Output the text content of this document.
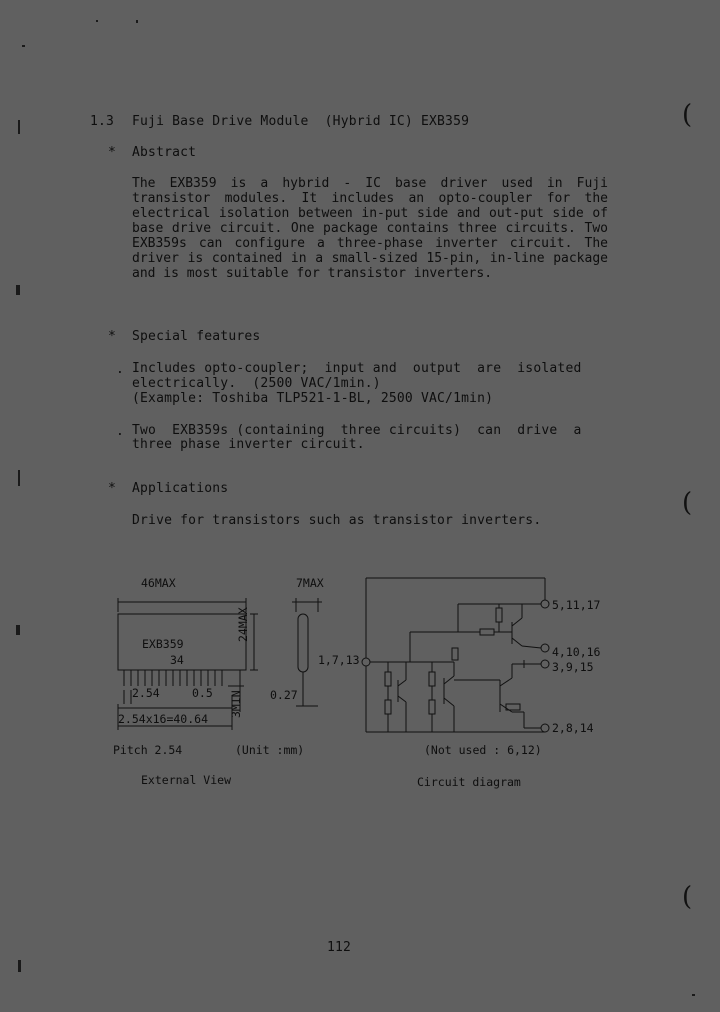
(
(
(
1.3 Fuji Base Drive Module  (Hybrid IC) EXB359
* Abstract
The EXB359 is a hybrid - IC base driver used in Fuji transistor modules. It includes an opto-coupler for the electrical isolation between in-put side and out-put side of base drive circuit. One package contains three circuits. Two EXB359s can configure a three-phase inverter circuit. The driver is contained in a small-sized 15-pin, in-line package and is most suitable for transistor inverters.
* Special features
. Includes opto-coupler;  input and  output  are  isolated
electrically.  (2500 VAC/1min.)
(Example: Toshiba TLP521-1-BL, 2500 VAC/1min)
. Two  EXB359s (containing  three circuits)  can  drive  a
three phase inverter circuit.
* Applications
Drive for transistors such as transistor inverters.
46MAX	7MAX
EXB359
34
24MAX
3MIN
2.54	0.5	0.27
2.54x16=40.64
Pitch 2.54	(Unit :mm)
External View
1,7,13
5,11,17
4,10,16
3,9,15
2,8,14
(Not used : 6,12)
Circuit diagram
112
